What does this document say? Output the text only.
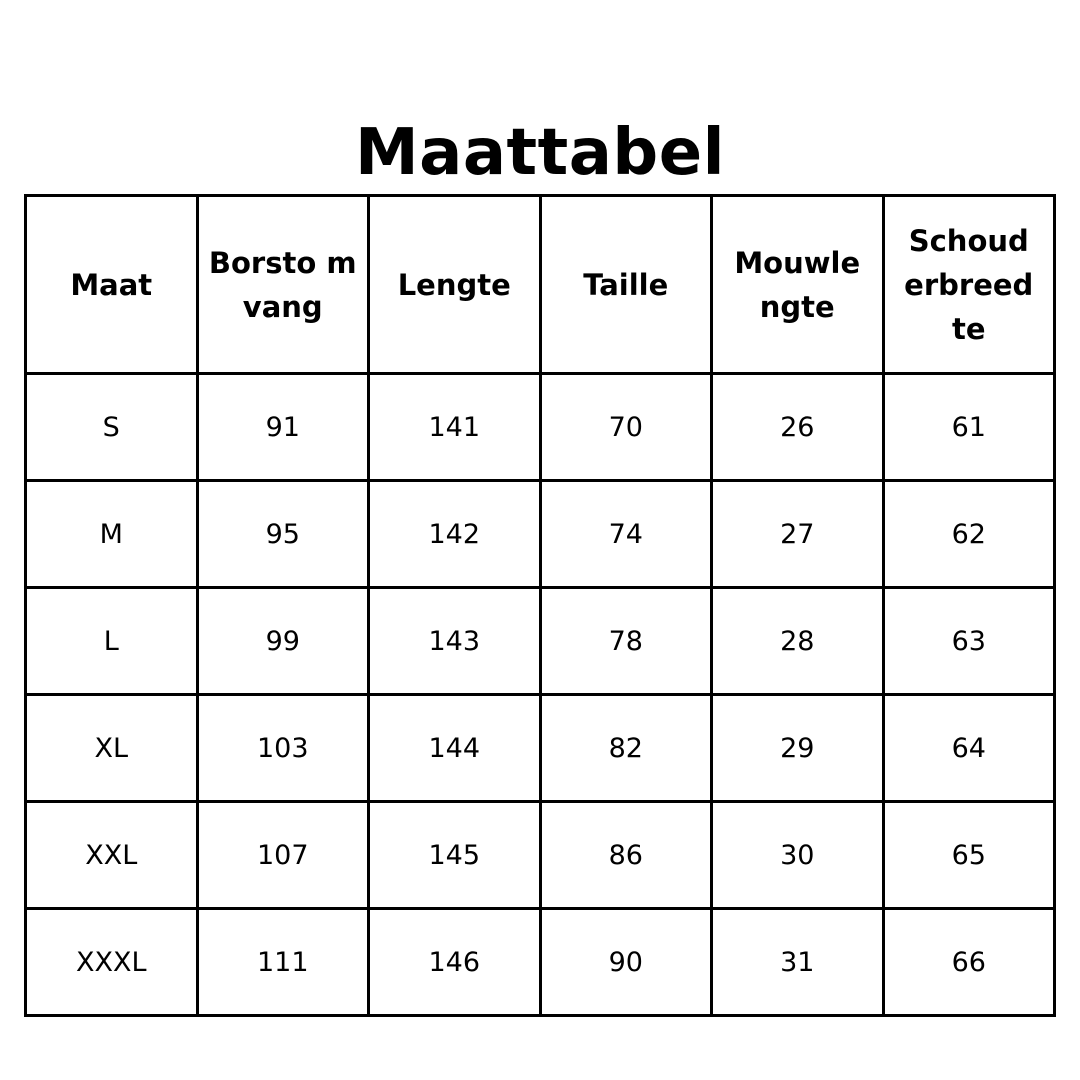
Maattabel
Maat	Borsto mvang	Lengte	Taille	Mouwle ngte	Schoud erbreed te
S	91	141	70	26	61
M	95	142	74	27	62
L	99	143	78	28	63
XL	103	144	82	29	64
XXL	107	145	86	30	65
XXXL	111	146	90	31	66
